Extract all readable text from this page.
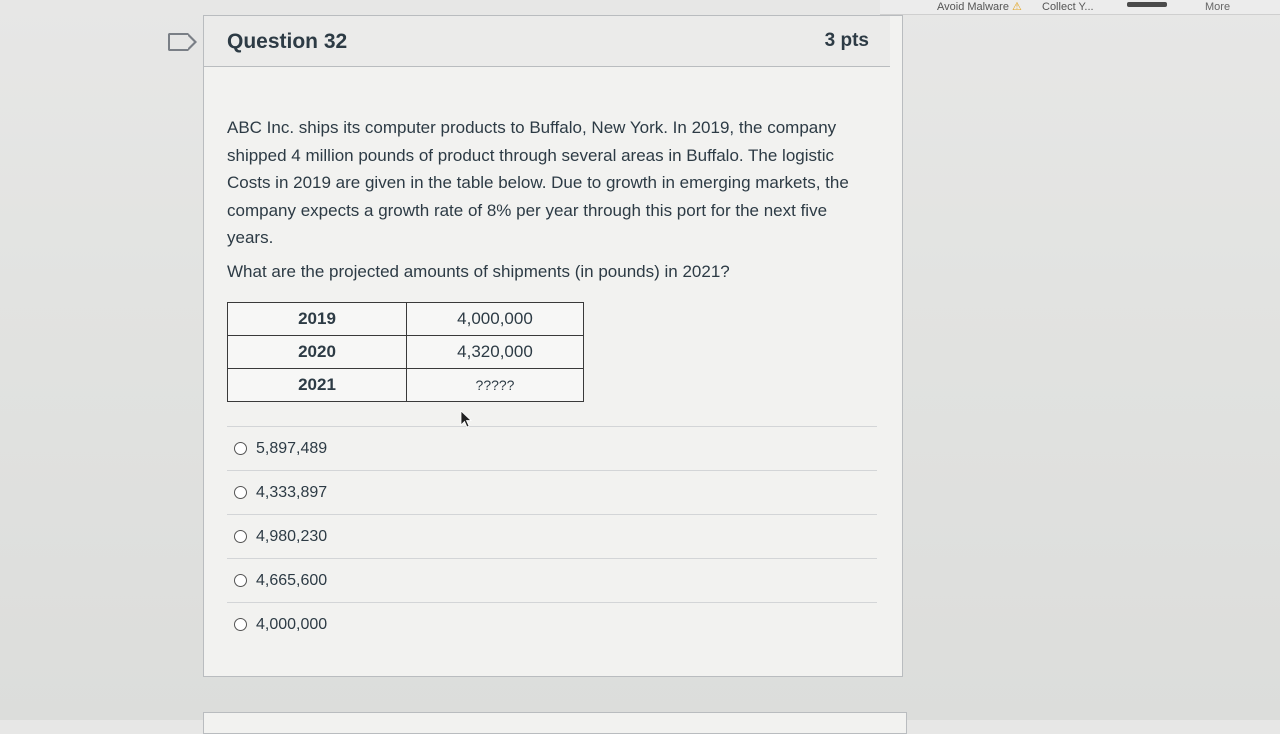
Avoid Malware ⚠ Collect Y...	More
Question 32	3 pts

ABC Inc. ships its computer products to Buffalo, New York. In 2019, the company shipped 4 million pounds of product through several areas in Buffalo. The logistic Costs in 2019 are given in the table below. Due to growth in emerging markets, the company expects a growth rate of 8% per year through this port for the next five years.

What are the projected amounts of shipments (in pounds) in 2021?
2019	4,000,000
2020	4,320,000
2021	?????
5,897,489
4,333,897
4,980,230
4,665,600
4,000,000
